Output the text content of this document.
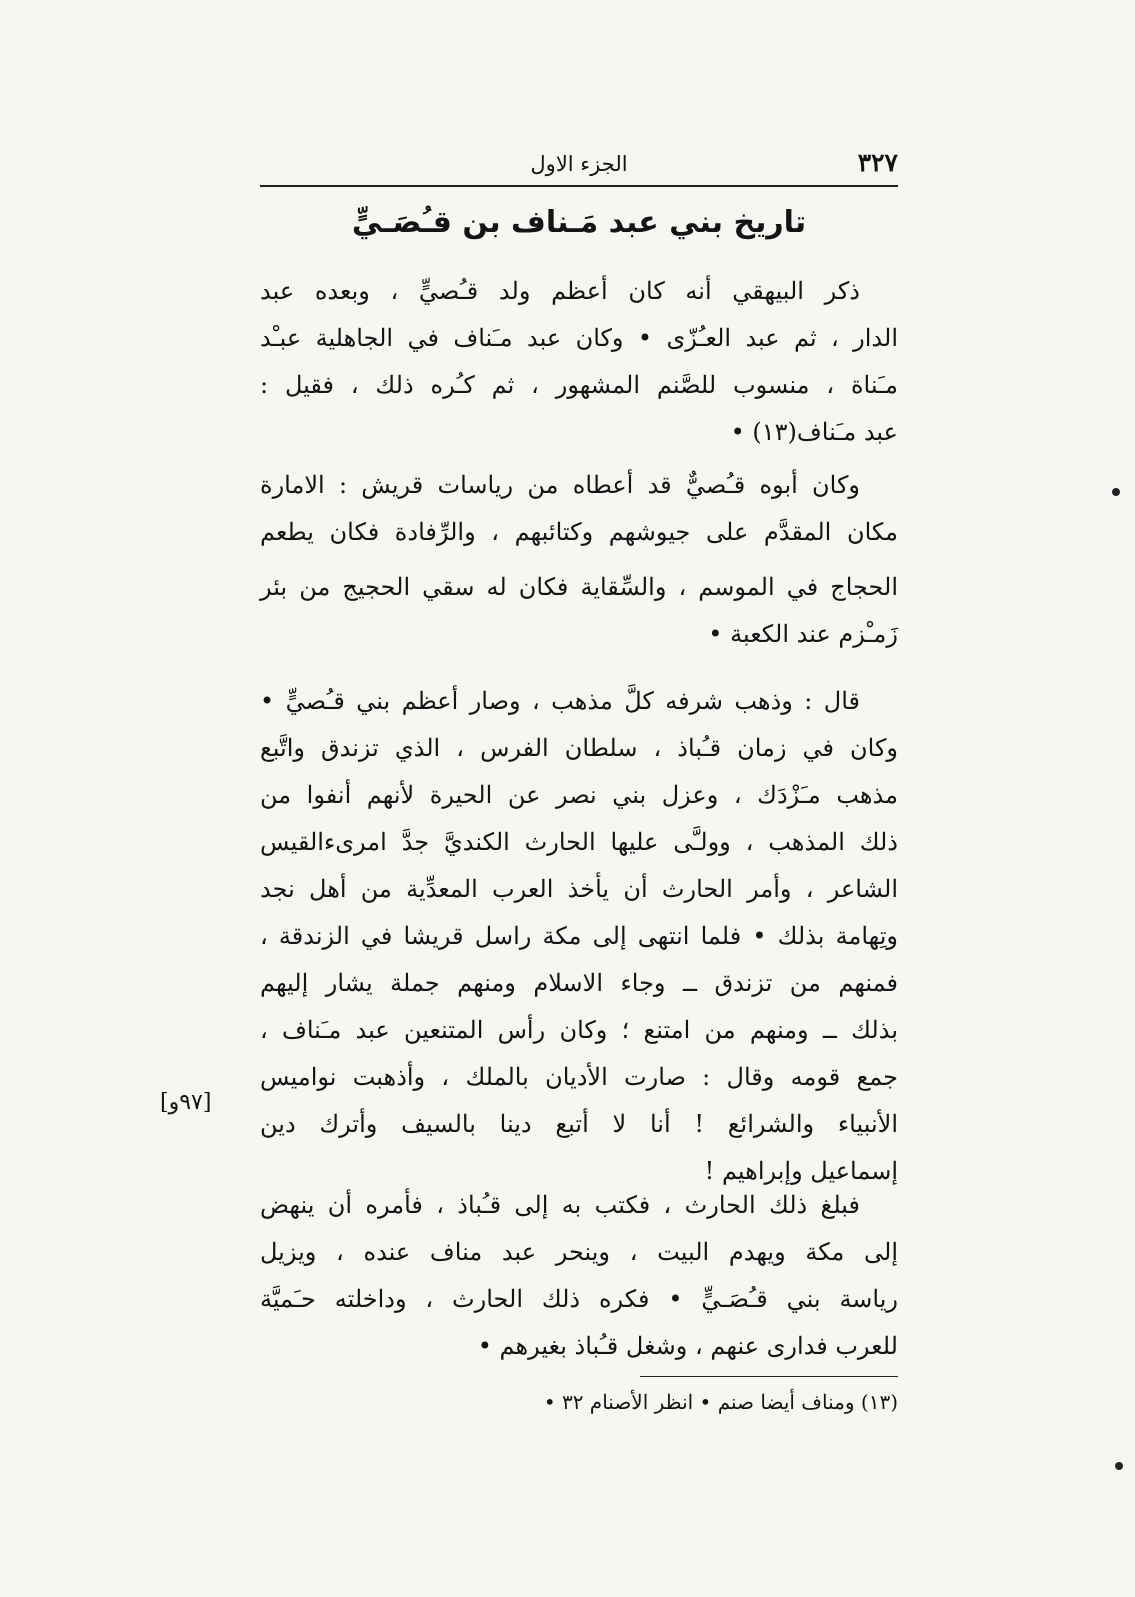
٣٢٧
الجزء الاول
تاريخ بني عبد مَـناف بن قـُصَـيٍّ
ذكر البيهقي أنه كان أعظم ولد قـُصيٍّ ، وبعده عبد
الدار ، ثم عبد العـُزّى • وكان عبد مـَناف في الجاهلية عبـْد
مـَناة ، منسوب للصَّنم المشهور ، ثم كـُره ذلك ، فقيل :
عبد مـَناف(١٣) •
وكان أبوه قـُصيٌّ قد أعطاه من رياسات قريش : الامارة
مكان المقدَّم على جيوشهم وكتائبهم ، والرِّفادة فكان يطعم
الحجاج في الموسم ، والسِّقاية فكان له سقي الحجيج من بئر
زَمـْزم عند الكعبة •
قال : وذهب شرفه كلَّ مذهب ، وصار أعظم بني قـُصيٍّ •
وكان في زمان قـُباذ ، سلطان الفرس ، الذي تزندق واتَّبع
مذهب مـَزْدَك ، وعزل بني نصر عن الحيرة لأنهم أنفوا من
ذلك المذهب ، وولـَّى عليها الحارث الكنديَّ جدَّ امرىءالقيس
الشاعر ، وأمر الحارث أن يأخذ العرب المعدِّية من أهل نجد
وتِهامة بذلك • فلما انتهى إلى مكة راسل قريشا في الزندقة ،
فمنهم من تزندق ــ وجاء الاسلام ومنهم جملة يشار إليهم
بذلك ــ ومنهم من امتنع ؛ وكان رأس المتنعين عبد مـَناف ،
جمع قومه وقال : صارت الأديان بالملك ، وأذهبت نواميس
الأنبياء والشرائع ! أنا لا أتبع دينا بالسيف وأترك دين
إسماعيل وإبراهيم !
[٩٧و]
فبلغ ذلك الحارث ، فكتب به إلى قـُباذ ، فأمره أن ينهض
إلى مكة ويهدم البيت ، وينحر عبد مناف عنده ، ويزيل
رياسة بني قـُصَـيٍّ • فكره ذلك الحارث ، وداخلته حـَميَّة
للعرب فدارى عنهم ، وشغل قـُباذ بغيرهم •
(١٣) ومناف أيضا صنم • انظر الأصنام ٣٢ •
